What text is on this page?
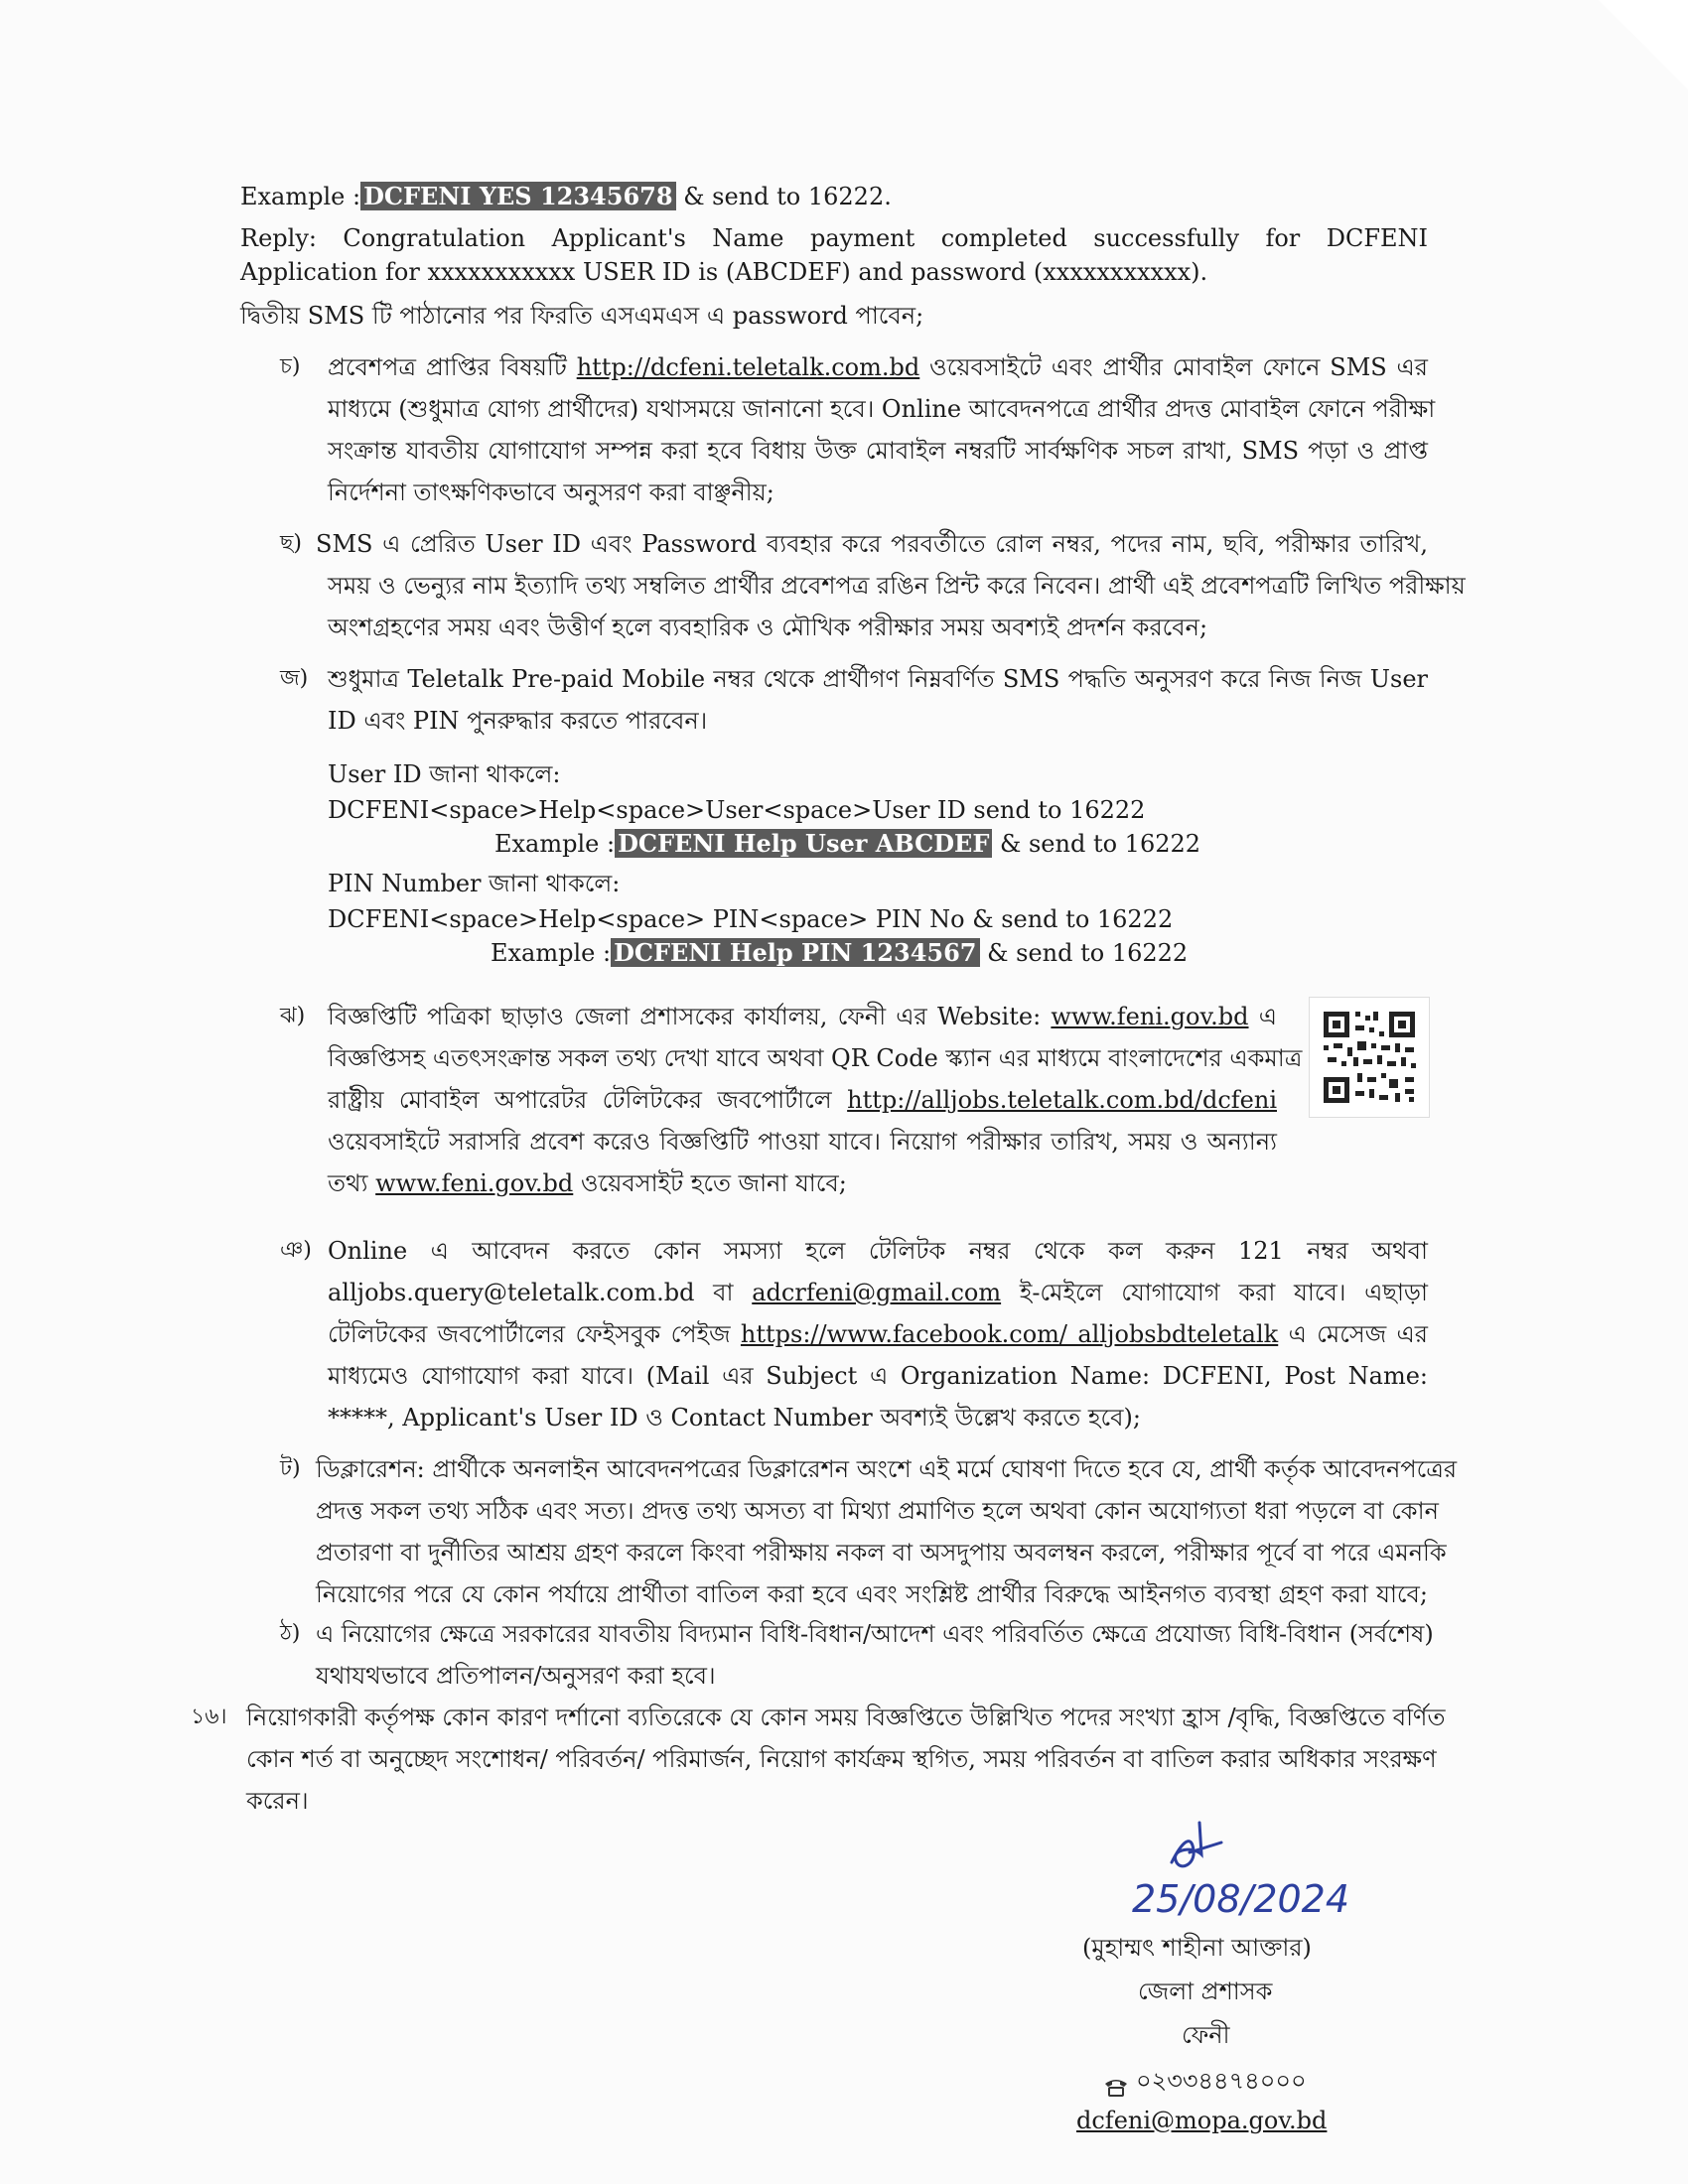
Example : DCFENI YES 12345678 & send to 16222.
Reply: Congratulation Applicant's Name payment completed successfully for DCFENI
Application for xxxxxxxxxxx USER ID is (ABCDEF) and password (xxxxxxxxxxx).
দ্বিতীয় SMS টি পাঠানোর পর ফিরতি এসএমএস এ password পাবেন;
চ) প্রবেশপত্র প্রাপ্তির বিষয়টি http://dcfeni.teletalk.com.bd ওয়েবসাইটে এবং প্রার্থীর মোবাইল ফোনে SMS এর
মাধ্যমে (শুধুমাত্র যোগ্য প্রার্থীদের) যথাসময়ে জানানো হবে। Online আবেদনপত্রে প্রার্থীর প্রদত্ত মোবাইল ফোনে পরীক্ষা
সংক্রান্ত যাবতীয় যোগাযোগ সম্পন্ন করা হবে বিধায় উক্ত মোবাইল নম্বরটি সার্বক্ষণিক সচল রাখা, SMS পড়া ও প্রাপ্ত
নির্দেশনা তাৎক্ষণিকভাবে অনুসরণ করা বাঞ্ছনীয়;
ছ) SMS এ প্রেরিত User ID এবং Password ব্যবহার করে পরবর্তীতে রোল নম্বর, পদের নাম, ছবি, পরীক্ষার তারিখ,
সময় ও ভেন্যুর নাম ইত্যাদি তথ্য সম্বলিত প্রার্থীর প্রবেশপত্র রঙিন প্রিন্ট করে নিবেন। প্রার্থী এই প্রবেশপত্রটি লিখিত পরীক্ষায়
অংশগ্রহণের সময় এবং উত্তীর্ণ হলে ব্যবহারিক ও মৌখিক পরীক্ষার সময় অবশ্যই প্রদর্শন করবেন;
জ) শুধুমাত্র Teletalk Pre-paid Mobile নম্বর থেকে প্রার্থীগণ নিম্নবর্ণিত SMS পদ্ধতি অনুসরণ করে নিজ নিজ User
ID এবং PIN পুনরুদ্ধার করতে পারবেন।
User ID জানা থাকলে:
DCFENI<space>Help<space>User<space>User ID send to 16222
Example : DCFENI Help User ABCDEF & send to 16222
PIN Number জানা থাকলে:
DCFENI<space>Help<space> PIN<space> PIN No & send to 16222
Example : DCFENI Help PIN 1234567 & send to 16222
ঝ) বিজ্ঞপ্তিটি পত্রিকা ছাড়াও জেলা প্রশাসকের কার্যালয়, ফেনী এর Website: www.feni.gov.bd এ
বিজ্ঞপ্তিসহ এতৎসংক্রান্ত সকল তথ্য দেখা যাবে অথবা QR Code স্ক্যান এর মাধ্যমে বাংলাদেশের একমাত্র
রাষ্ট্রীয় মোবাইল অপারেটর টেলিটকের জবপোর্টালে http://alljobs.teletalk.com.bd/dcfeni
ওয়েবসাইটে সরাসরি প্রবেশ করেও বিজ্ঞপ্তিটি পাওয়া যাবে। নিয়োগ পরীক্ষার তারিখ, সময় ও অন্যান্য
তথ্য www.feni.gov.bd ওয়েবসাইট হতে জানা যাবে;
ঞ) Online এ আবেদন করতে কোন সমস্যা হলে টেলিটক নম্বর থেকে কল করুন 121 নম্বর অথবা
alljobs.query@teletalk.com.bd বা adcrfeni@gmail.com ই-মেইলে যোগাযোগ করা যাবে। এছাড়া
টেলিটকের জবপোর্টালের ফেইসবুক পেইজ https://www.facebook.com/ alljobsbdteletalk এ মেসেজ এর
মাধ্যমেও যোগাযোগ করা যাবে। (Mail এর Subject এ Organization Name: DCFENI, Post Name:
*****, Applicant's User ID ও Contact Number অবশ্যই উল্লেখ করতে হবে);
ট) ডিক্লারেশন: প্রার্থীকে অনলাইন আবেদনপত্রের ডিক্লারেশন অংশে এই মর্মে ঘোষণা দিতে হবে যে, প্রার্থী কর্তৃক আবেদনপত্রের
প্রদত্ত সকল তথ্য সঠিক এবং সত্য। প্রদত্ত তথ্য অসত্য বা মিথ্যা প্রমাণিত হলে অথবা কোন অযোগ্যতা ধরা পড়লে বা কোন
প্রতারণা বা দুর্নীতির আশ্রয় গ্রহণ করলে কিংবা পরীক্ষায় নকল বা অসদুপায় অবলম্বন করলে, পরীক্ষার পূর্বে বা পরে এমনকি
নিয়োগের পরে যে কোন পর্যায়ে প্রার্থীতা বাতিল করা হবে এবং সংশ্লিষ্ট প্রার্থীর বিরুদ্ধে আইনগত ব্যবস্থা গ্রহণ করা যাবে;
ঠ) এ নিয়োগের ক্ষেত্রে সরকারের যাবতীয় বিদ্যমান বিধি-বিধান/আদেশ এবং পরিবর্তিত ক্ষেত্রে প্রযোজ্য বিধি-বিধান (সর্বশেষ)
যথাযথভাবে প্রতিপালন/অনুসরণ করা হবে।
১৬। নিয়োগকারী কর্তৃপক্ষ কোন কারণ দর্শানো ব্যতিরেকে যে কোন সময় বিজ্ঞপ্তিতে উল্লিখিত পদের সংখ্যা হ্রাস /বৃদ্ধি, বিজ্ঞপ্তিতে বর্ণিত
কোন শর্ত বা অনুচ্ছেদ সংশোধন/ পরিবর্তন/ পরিমার্জন, নিয়োগ কার্যক্রম স্থগিত, সময় পরিবর্তন বা বাতিল করার অধিকার সংরক্ষণ
করেন।
25/08/2024
(মুহাম্মৎ শাহীনা আক্তার)
জেলা প্রশাসক
ফেনী
০২৩৩৪৪৭৪০০০
dcfeni@mopa.gov.bd
